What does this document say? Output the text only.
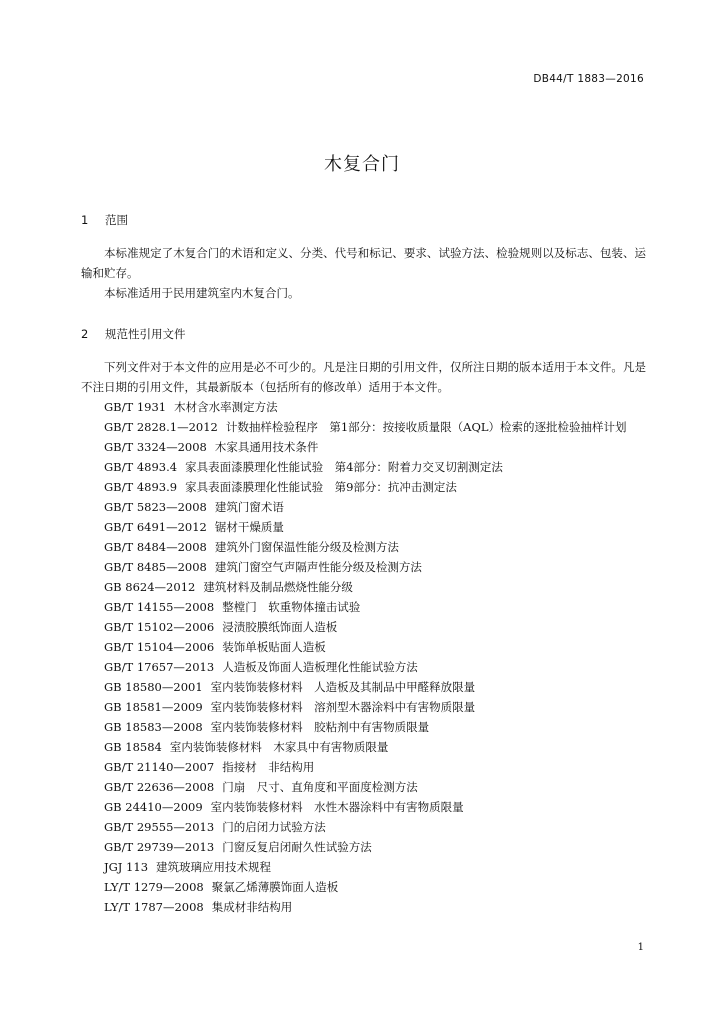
DB44/T 1883—2016
木复合门
1 范围
本标准规定了木复合门的术语和定义、分类、代号和标记、要求、试验方法、检验规则以及标志、包装、运输和贮存。
本标准适用于民用建筑室内木复合门。
2 规范性引用文件
下列文件对于本文件的应用是必不可少的。凡是注日期的引用文件，仅所注日期的版本适用于本文件。凡是不注日期的引用文件，其最新版本（包括所有的修改单）适用于本文件。
GB/T 1931 木材含水率测定方法
GB/T 2828.1—2012 计数抽样检验程序　第1部分：按接收质量限（AQL）检索的逐批检验抽样计划
GB/T 3324—2008 木家具通用技术条件
GB/T 4893.4 家具表面漆膜理化性能试验　第4部分：附着力交叉切割测定法
GB/T 4893.9 家具表面漆膜理化性能试验　第9部分：抗冲击测定法
GB/T 5823—2008 建筑门窗术语
GB/T 6491—2012 锯材干燥质量
GB/T 8484—2008 建筑外门窗保温性能分级及检测方法
GB/T 8485—2008 建筑门窗空气声隔声性能分级及检测方法
GB 8624—2012 建筑材料及制品燃烧性能分级
GB/T 14155—2008 整樘门　软重物体撞击试验
GB/T 15102—2006 浸渍胶膜纸饰面人造板
GB/T 15104—2006 装饰单板贴面人造板
GB/T 17657—2013 人造板及饰面人造板理化性能试验方法
GB 18580—2001 室内装饰装修材料　人造板及其制品中甲醛释放限量
GB 18581—2009 室内装饰装修材料　溶剂型木器涂料中有害物质限量
GB 18583—2008 室内装饰装修材料　胶粘剂中有害物质限量
GB 18584 室内装饰装修材料　木家具中有害物质限量
GB/T 21140—2007 指接材　非结构用
GB/T 22636—2008 门扇　尺寸、直角度和平面度检测方法
GB 24410—2009 室内装饰装修材料　水性木器涂料中有害物质限量
GB/T 29555—2013 门的启闭力试验方法
GB/T 29739—2013 门窗反复启闭耐久性试验方法
JGJ 113 建筑玻璃应用技术规程
LY/T 1279—2008 聚氯乙烯薄膜饰面人造板
LY/T 1787—2008 集成材非结构用
1
